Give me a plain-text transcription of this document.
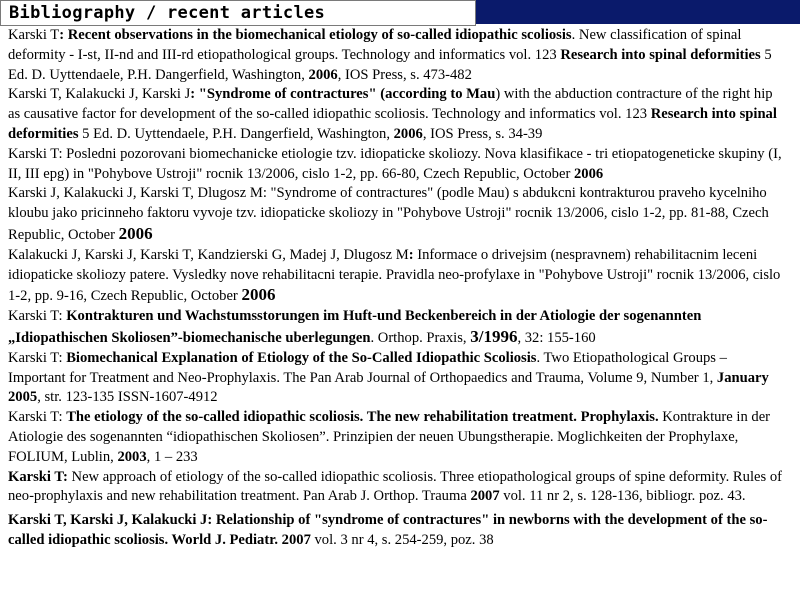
Bibliography / recent articles

Karski T: Recent observations in the biomechanical etiology of so-called idiopathic scoliosis. New classification of spinal deformity - I-st, II-nd and III-rd etiopathological groups. Technology and informatics vol. 123 Research into spinal deformities 5 Ed. D. Uyttendaele, P.H. Dangerfield, Washington, 2006, IOS Press, s. 473-482

Karski T, Kalakucki J, Karski J: "Syndrome of contractures" (according to Mau) with the abduction contracture of the right hip as causative factor for development of the so-called idiopathic scoliosis. Technology and informatics vol. 123 Research into spinal deformities 5 Ed. D. Uyttendaele, P.H. Dangerfield, Washington, 2006, IOS Press, s. 34-39

Karski T: Posledni pozorovani biomechanicke etiologie tzv. idiopaticke skoliozy. Nova klasifikace - tri etiopatogeneticke skupiny (I, II, III epg) in "Pohybove Ustroji" rocnik 13/2006, cislo 1-2, pp. 66-80, Czech Republic, October 2006

Karski J, Kalakucki J, Karski T, Dlugosz M: "Syndrome of contractures" (podle Mau) s abdukcni kontrakturou praveho kycelniho kloubu jako pricinneho faktoru vyvoje tzv. idiopaticke skoliozy in "Pohybove Ustroji" rocnik 13/2006, cislo 1-2, pp. 81-88, Czech Republic, October 2006

Kalakucki J, Karski J, Karski T, Kandzierski G, Madej J, Dlugosz M: Informace o drivejsim (nespravnem) rehabilitacnim leceni idiopaticke skoliozy patere. Vysledky nove rehabilitacni terapie. Pravidla neo-profylaxe in "Pohybove Ustroji" rocnik 13/2006, cislo 1-2, pp. 9-16, Czech Republic, October 2006

Karski T: Kontrakturen und Wachstumsstorungen im Huft-und Beckenbereich in der Atiologie der sogenannten „Idiopathischen Skoliosen”-biomechanische uberlegungen. Orthop. Praxis, 3/1996, 32: 155-160

Karski T: Biomechanical Explanation of Etiology of the So-Called Idiopathic Scoliosis. Two Etiopathological Groups – Important for Treatment and Neo-Prophylaxis. The Pan Arab Journal of Orthopaedics and Trauma, Volume 9, Number 1, January 2005, str. 123-135 ISSN-1607-4912

Karski T: The etiology of the so-called idiopathic scoliosis. The new rehabilitation treatment. Prophylaxis. Kontrakture in der Atiologie des sogenannten “idiopathischen Skoliosen”. Prinzipien der neuen Ubungstherapie. Moglichkeiten der Prophylaxe, FOLIUM, Lublin, 2003, 1 – 233

Karski T: New approach of etiology of the so-called idiopathic scoliosis. Three etiopathological groups of spine deformity. Rules of neo-prophylaxis and new rehabilitation treatment. Pan Arab J. Orthop. Trauma 2007 vol. 11 nr 2, s. 128-136, bibliogr. poz. 43.

Karski T, Karski J, Kalakucki J: Relationship of "syndrome of contractures" in newborns with the development of the so-called idiopathic scoliosis. World J. Pediatr. 2007 vol. 3 nr 4, s. 254-259, poz. 38
